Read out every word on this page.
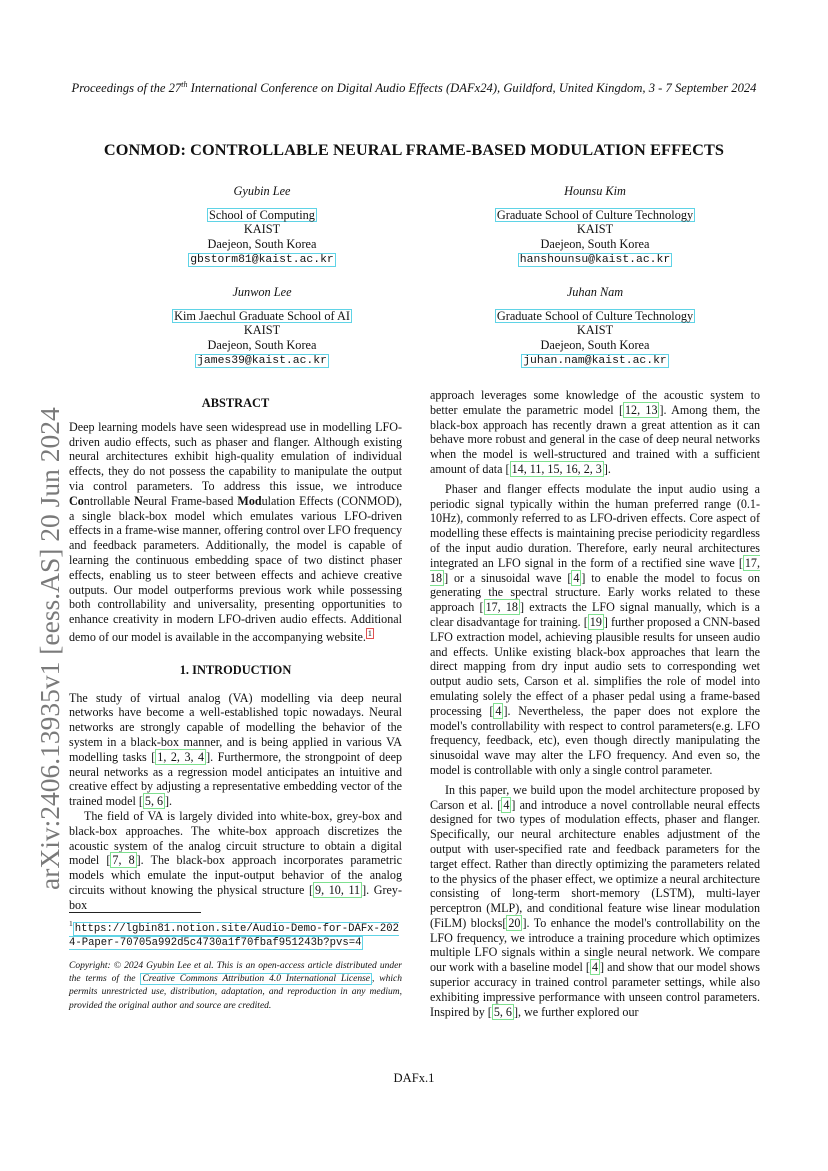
Proceedings of the 27th International Conference on Digital Audio Effects (DAFx24), Guildford, United Kingdom, 3 - 7 September 2024
CONMOD: CONTROLLABLE NEURAL FRAME-BASED MODULATION EFFECTS
Gyubin Lee
School of Computing
KAIST
Daejeon, South Korea
gbstorm81@kaist.ac.kr
Hounsu Kim
Graduate School of Culture Technology
KAIST
Daejeon, South Korea
hanshounsu@kaist.ac.kr
Junwon Lee
Kim Jaechul Graduate School of AI
KAIST
Daejeon, South Korea
james39@kaist.ac.kr
Juhan Nam
Graduate School of Culture Technology
KAIST
Daejeon, South Korea
juhan.nam@kaist.ac.kr
arXiv:2406.13935v1 [eess.AS] 20 Jun 2024
ABSTRACT

Deep learning models have seen widespread use in modelling LFO-driven audio effects, such as phaser and flanger. Although existing neural architectures exhibit high-quality emulation of individual effects, they do not possess the capability to manipulate the output via control parameters. To address this issue, we introduce Controllable Neural Frame-based Modulation Effects (CONMOD), a single black-box model which emulates various LFO-driven effects in a frame-wise manner, offering control over LFO frequency and feedback parameters. Additionally, the model is capable of learning the continuous embedding space of two distinct phaser effects, enabling us to steer between effects and achieve creative outputs. Our model outperforms previous work while possessing both controllability and universality, presenting opportunities to enhance creativity in modern LFO-driven audio effects. Additional demo of our model is available in the accompanying website. $^1$

1. INTRODUCTION

The study of virtual analog (VA) modelling via deep neural networks have become a well-established topic nowadays. Neural networks are strongly capable of modelling the behavior of the system in a black-box manner, and is being applied in various VA modelling tasks [ 1, 2, 3, 4 ]. Furthermore, the strongpoint of deep neural networks as a regression model anticipates an intuitive and creative effect by adjusting a representative embedding vector of the trained model [ 5, 6 ].

The field of VA is largely divided into white-box, grey-box and black-box approaches. The white-box approach discretizes the acoustic system of the analog circuit structure to obtain a digital model [ 7, 8 ]. The black-box approach incorporates parametric models which emulate the input-output behavior of the analog circuits without knowing the physical structure [ 9, 10, 11 ]. Grey-box

$^1$ https://lgbin81.notion.site/Audio-Demo-for-DAFx-2024-Paper-70705a992d5c4730a1f70fbaf951243b?pvs=4
Copyright: © 2024 Gyubin Lee et al. This is an open-access article distributed under the terms of the Creative Commons Attribution 4.0 International License , which permits unrestricted use, distribution, adaptation, and reproduction in any medium, provided the original author and source are credited.

approach leverages some knowledge of the acoustic system to better emulate the parametric model [ 12, 13 ]. Among them, the black-box approach has recently drawn a great attention as it can behave more robust and general in the case of deep neural networks when the model is well-structured and trained with a sufficient amount of data [ 14, 11, 15, 16, 2, 3 ].

Phaser and flanger effects modulate the input audio using a periodic signal typically within the human preferred range (0.1-10Hz), commonly referred to as LFO-driven effects. Core aspect of modelling these effects is maintaining precise periodicity regardless of the input audio duration. Therefore, early neural architectures integrated an LFO signal in the form of a rectified sine wave [ 17, 18 ] or a sinusoidal wave [ 4 ] to enable the model to focus on generating the spectral structure. Early works related to these approach [ 17, 18 ] extracts the LFO signal manually, which is a clear disadvantage for training. [ 19 ] further proposed a CNN-based LFO extraction model, achieving plausible results for unseen audio and effects. Unlike existing black-box approaches that learn the direct mapping from dry input audio sets to corresponding wet output audio sets, Carson et al. simplifies the role of model into emulating solely the effect of a phaser pedal using a frame-based processing [ 4 ]. Nevertheless, the paper does not explore the model's controllability with respect to control parameters(e.g. LFO frequency, feedback, etc), even though directly manipulating the sinusoidal wave may alter the LFO frequency. And even so, the model is controllable with only a single control parameter.

In this paper, we build upon the model architecture proposed by Carson et al. [ 4 ] and introduce a novel controllable neural effects designed for two types of modulation effects, phaser and flanger. Specifically, our neural architecture enables adjustment of the output with user-specified rate and feedback parameters for the target effect. Rather than directly optimizing the parameters related to the physics of the phaser effect, we optimize a neural architecture consisting of long-term short-memory (LSTM), multi-layer perceptron (MLP), and conditional feature wise linear modulation (FiLM) blocks[ 20 ]. To enhance the model's controllability on the LFO frequency, we introduce a training procedure which optimizes multiple LFO signals within a single neural network. We compare our work with a baseline model [ 4 ] and show that our model shows superior accuracy in trained control parameter settings, while also exhibiting impressive performance with unseen control parameters. Inspired by [ 5, 6 ], we further explored our

DAFx.1
